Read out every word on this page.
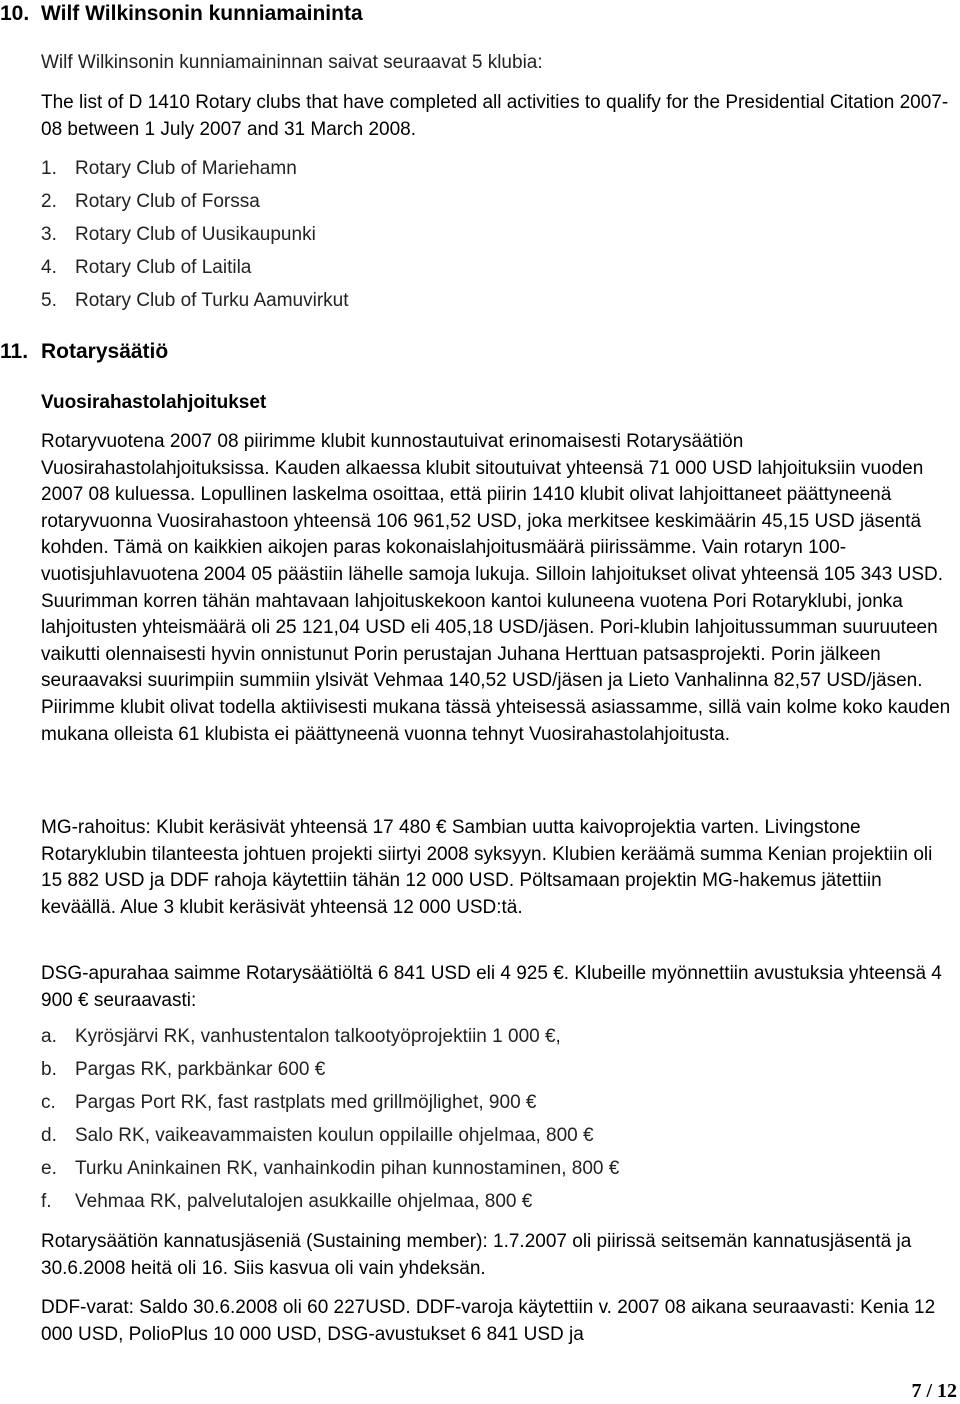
10. Wilf Wilkinsonin kunniamaininta
Wilf Wilkinsonin kunniamaininnan saivat seuraavat 5 klubia:
The list of D 1410 Rotary clubs that have completed all activities to qualify for the Presidential Citation 2007-08 between 1 July 2007 and 31 March 2008.
1. Rotary Club of Mariehamn
2. Rotary Club of Forssa
3. Rotary Club of Uusikaupunki
4. Rotary Club of Laitila
5. Rotary Club of Turku Aamuvirkut
11. Rotarysäätiö
Vuosirahastolahjoitukset

Rotaryvuotena 2007 08 piirimme klubit kunnostautuivat erinomaisesti Rotarysäätiön Vuosirahastolahjoituksissa. Kauden alkaessa klubit sitoutuivat yhteensä 71 000 USD lahjoituksiin vuoden 2007 08 kuluessa. Lopullinen laskelma osoittaa, että piirin 1410 klubit olivat lahjoittaneet päättyneenä rotaryvuonna Vuosirahastoon yhteensä 106 961,52 USD, joka merkitsee keskimäärin 45,15 USD jäsentä kohden. Tämä on kaikkien aikojen paras kokonaislahjoitusmäärä piirissämme. Vain rotaryn 100-vuotisjuhlavuotena 2004 05 päästiin lähelle samoja lukuja. Silloin lahjoitukset olivat yhteensä 105 343 USD. Suurimman korren tähän mahtavaan lahjoituskekoon kantoi kuluneena vuotena Pori Rotaryklubi, jonka lahjoitusten yhteismäärä oli 25 121,04 USD eli 405,18 USD/jäsen. Pori-klubin lahjoitussumman suuruuteen vaikutti olennaisesti hyvin onnistunut Porin perustajan Juhana Herttuan patsasprojekti. Porin jälkeen seuraavaksi suurimpiin summiin ylsivät Vehmaa 140,52 USD/jäsen ja Lieto Vanhalinna 82,57 USD/jäsen. Piirimme klubit olivat todella aktiivisesti mukana tässä yhteisessä asiassamme, sillä vain kolme koko kauden mukana olleista 61 klubista ei päättyneenä vuonna tehnyt Vuosirahastolahjoitusta.

MG-rahoitus: Klubit keräsivät yhteensä 17 480 € Sambian uutta kaivoprojektia varten. Livingstone Rotaryklubin tilanteesta johtuen projekti siirtyi 2008 syksyyn. Klubien keräämä summa Kenian projektiin oli 15 882 USD ja DDF rahoja käytettiin tähän 12 000 USD. Pöltsamaan projektin MG-hakemus jätettiin keväällä. Alue 3 klubit keräsivät yhteensä 12 000 USD:tä.

DSG-apurahaa saimme Rotarysäätiöltä 6 841 USD eli 4 925 €. Klubeille myönnettiin avustuksia yhteensä 4 900 € seuraavasti:

a. Kyrösjärvi RK, vanhustentalon talkootyöprojektiin 1 000 €,
b. Pargas RK, parkbänkar 600 €
c. Pargas Port RK, fast rastplats med grillmöjlighet, 900 €
d. Salo RK, vaikeavammaisten koulun oppilaille ohjelmaa, 800 €
e. Turku Aninkainen RK, vanhainkodin pihan kunnostaminen, 800 €
f. Vehmaa RK, palvelutalojen asukkaille ohjelmaa, 800 €

Rotarysäätiön kannatusjäseniä (Sustaining member): 1.7.2007 oli piirissä seitsemän kannatusjäsentä ja 30.6.2008 heitä oli 16. Siis kasvua oli vain yhdeksän.

DDF-varat: Saldo 30.6.2008 oli 60 227USD. DDF-varoja käytettiin v. 2007 08 aikana seuraavasti: Kenia 12 000 USD, PolioPlus 10 000 USD, DSG-avustukset 6 841 USD ja

7 / 12
